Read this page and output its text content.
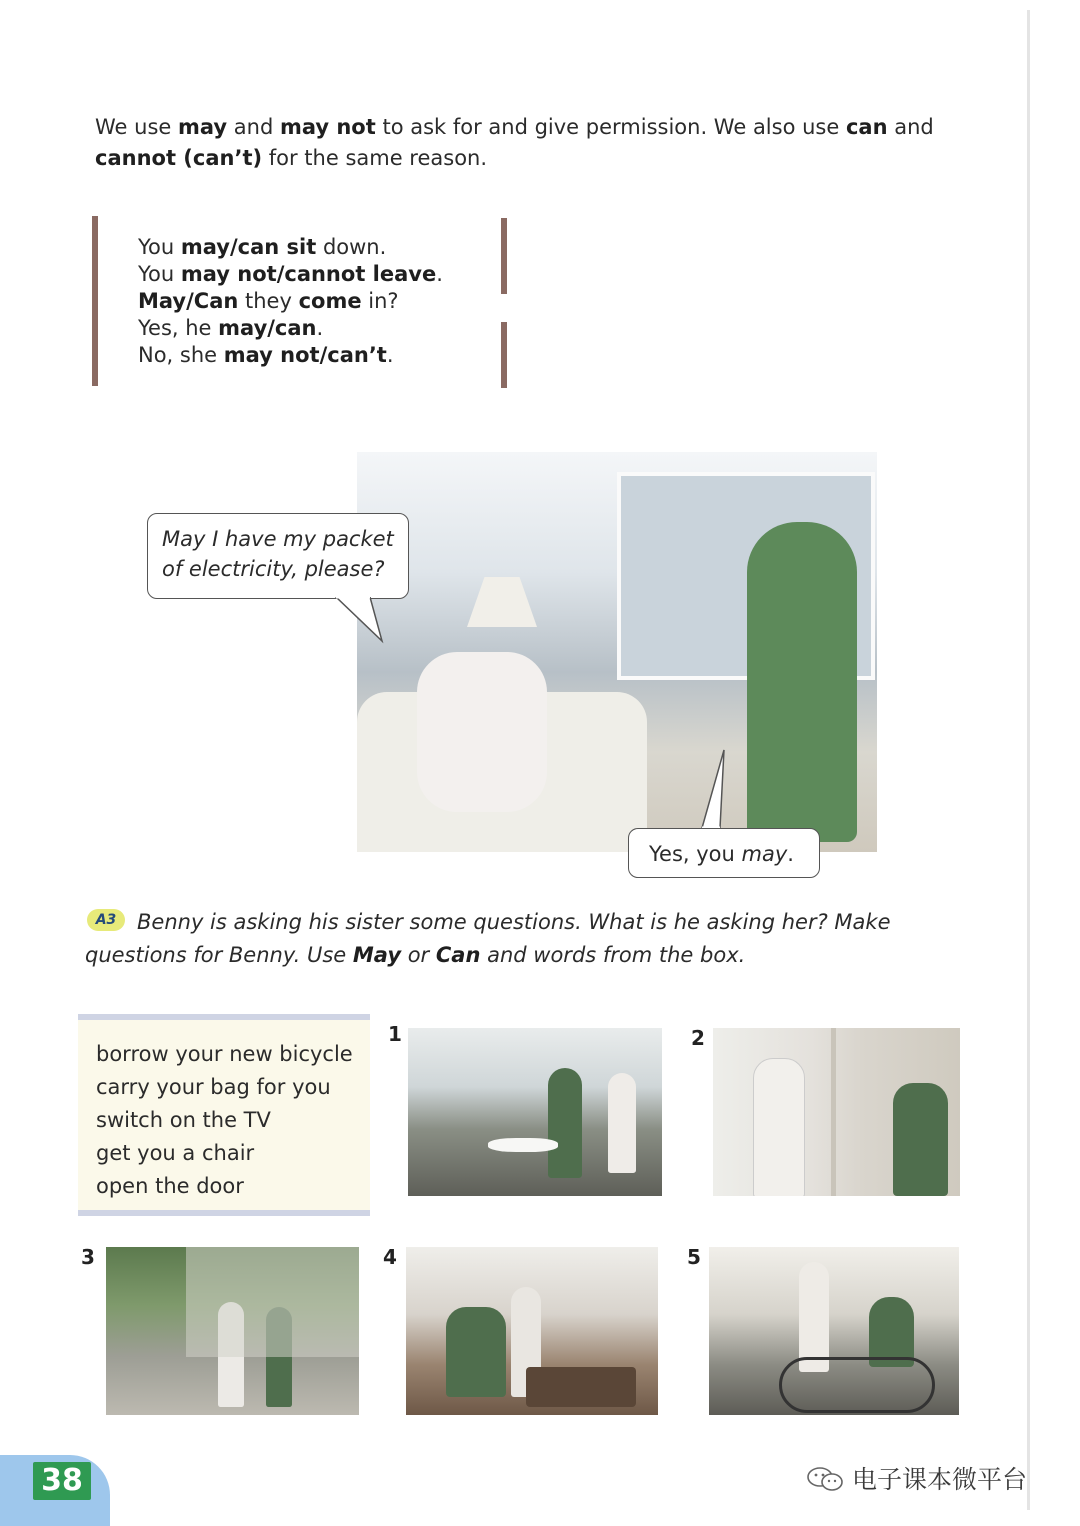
We use may and may not to ask for and give permission. We also use can and cannot (can’t) for the same reason.

You may/can sit down.
You may not/cannot leave.
May/Can they come in?
Yes, he may/can.
No, she may not/can’t.
May I have my packet of electricity, please?
Yes, you may.
A3 Benny is asking his sister some questions. What is he asking her? Make questions for Benny. Use May or Can and words from the box.

borrow your new bicycle
carry your bag for you
switch on the TV
get you a chair
open the door
1	2
3	4	5
38	电子课本微平台
